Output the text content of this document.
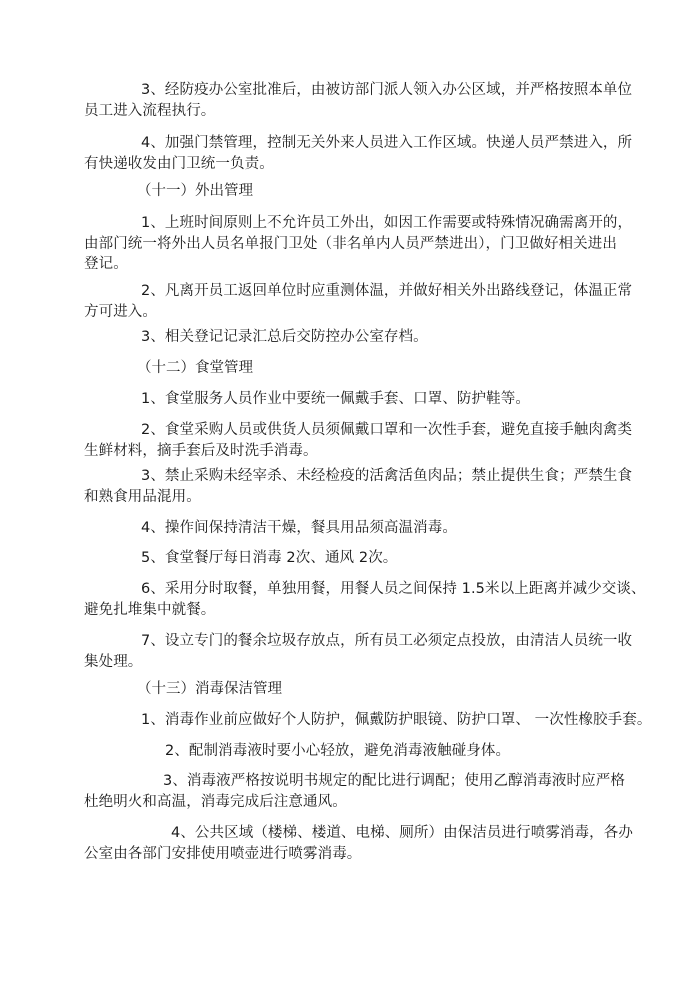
3、经防疫办公室批准后，由被访部门派人领入办公区域，并严格按照本单位
员工进入流程执行。
4、加强门禁管理，控制无关外来人员进入工作区域。快递人员严禁进入，所
有快递收发由门卫统一负责。
（十一）外出管理
1、上班时间原则上不允许员工外出，如因工作需要或特殊情况确需离开的，
由部门统一将外出人员名单报门卫处（非名单内人员严禁进出），门卫做好相关进出
登记。
2、凡离开员工返回单位时应重测体温，并做好相关外出路线登记，体温正常
方可进入。
3、相关登记记录汇总后交防控办公室存档。
（十二）食堂管理
1、食堂服务人员作业中要统一佩戴手套、口罩、防护鞋等。
2、食堂采购人员或供货人员须佩戴口罩和一次性手套，避免直接手触肉禽类
生鲜材料，摘手套后及时洗手消毒。
3、禁止采购未经宰杀、未经检疫的活禽活鱼肉品；禁止提供生食；严禁生食
和熟食用品混用。
4、操作间保持清洁干燥，餐具用品须高温消毒。
5、食堂餐厅每日消毒 2次、通风 2次。
6、采用分时取餐，单独用餐，用餐人员之间保持 1.5米以上距离并减少交谈、
避免扎堆集中就餐。
7、设立专门的餐余垃圾存放点，所有员工必须定点投放，由清洁人员统一收
集处理。
（十三）消毒保洁管理
1、消毒作业前应做好个人防护，佩戴防护眼镜、防护口罩、 一次性橡胶手套。
2、配制消毒液时要小心轻放，避免消毒液触碰身体。
3、消毒液严格按说明书规定的配比进行调配；使用乙醇消毒液时应严格
杜绝明火和高温，消毒完成后注意通风。
4、公共区域（楼梯、楼道、电梯、厕所）由保洁员进行喷雾消毒，各办
公室由各部门安排使用喷壶进行喷雾消毒。
